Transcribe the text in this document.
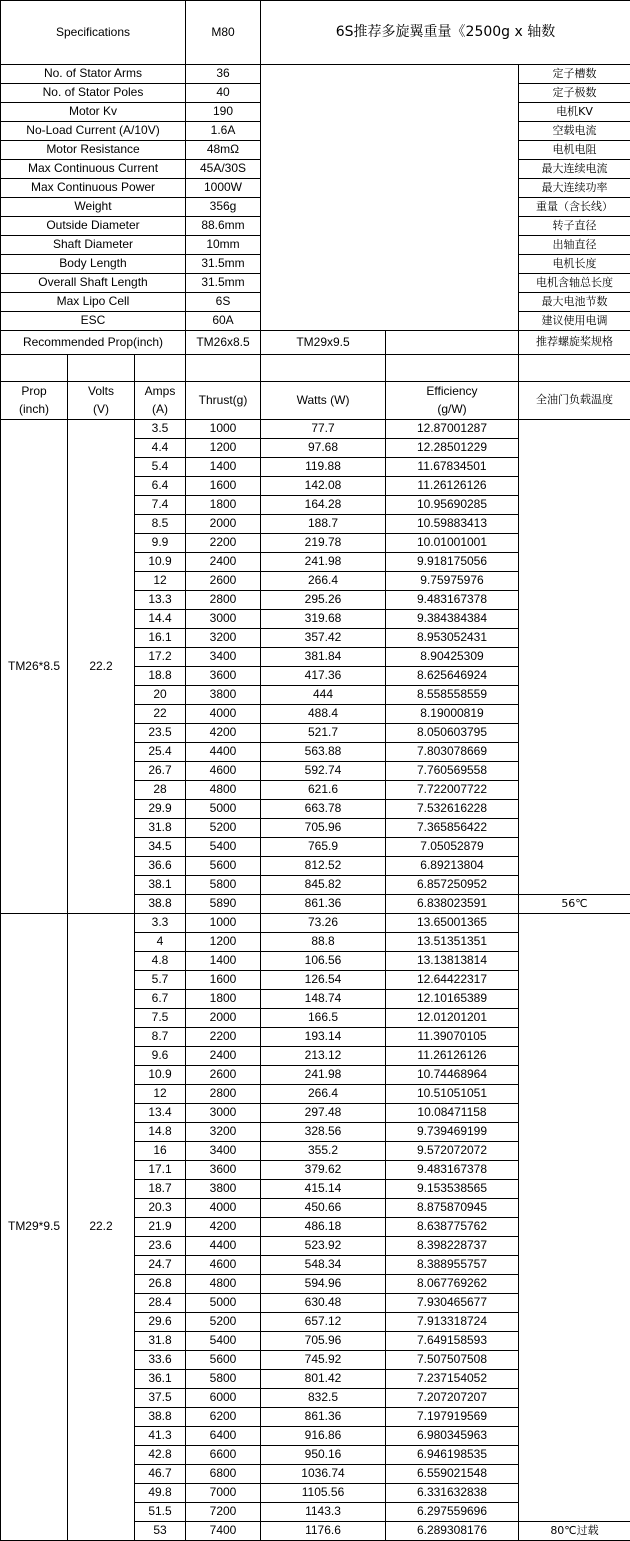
Specifications			M80	6S推荐多旋翼重量《2500g x 轴数		
No. of Stator Arms			36			定子槽数
No. of Stator Poles			40			定子极数
Motor Kv			190			电机KV
No-Load Current (A/10V)			1.6A			空载电流
Motor Resistance			48mΩ			电机电阻
Max Continuous Current			45A/30S			最大连续电流
Max Continuous Power			1000W			最大连续功率
Weight			356g			重量（含长线）
Outside Diameter			88.6mm			转子直径
Shaft Diameter			10mm			出轴直径
Body Length			31.5mm			电机长度
Overall Shaft Length			31.5mm			电机含轴总长度
Max Lipo Cell			6S			最大电池节数
ESC			60A			建议使用电调
Recommended Prop(inch)			TM26x8.5	TM29x9.5		推荐螺旋桨规格

Prop	Volts	Amps	Thrust(g)	Watts (W)	Efficiency	全油门负载温度
(inch)	(V)	(A)			(g/W)	
TM26*8.5	22.2	3.5	1000	77.7	12.87001287	
		4.4	1200	97.68	12.28501229	
		5.4	1400	119.88	11.67834501	
		6.4	1600	142.08	11.26126126	
		7.4	1800	164.28	10.95690285	
		8.5	2000	188.7	10.59883413	
		9.9	2200	219.78	10.01001001	
		10.9	2400	241.98	9.918175056	
		12	2600	266.4	9.75975976	
		13.3	2800	295.26	9.483167378	
		14.4	3000	319.68	9.384384384	
		16.1	3200	357.42	8.953052431	
		17.2	3400	381.84	8.90425309	
		18.8	3600	417.36	8.625646924	
		20	3800	444	8.558558559	
		22	4000	488.4	8.19000819	
		23.5	4200	521.7	8.050603795	
		25.4	4400	563.88	7.803078669	
		26.7	4600	592.74	7.760569558	
		28	4800	621.6	7.722007722	
		29.9	5000	663.78	7.532616228	
		31.8	5200	705.96	7.365856422	
		34.5	5400	765.9	7.05052879	
		36.6	5600	812.52	6.89213804	
		38.1	5800	845.82	6.857250952	
		38.8	5890	861.36	6.838023591	56℃
TM29*9.5	22.2	3.3	1000	73.26	13.65001365	
		4	1200	88.8	13.51351351	
		4.8	1400	106.56	13.13813814	
		5.7	1600	126.54	12.64422317	
		6.7	1800	148.74	12.10165389	
		7.5	2000	166.5	12.01201201	
		8.7	2200	193.14	11.39070105	
		9.6	2400	213.12	11.26126126	
		10.9	2600	241.98	10.74468964	
		12	2800	266.4	10.51051051	
		13.4	3000	297.48	10.08471158	
		14.8	3200	328.56	9.739469199	
		16	3400	355.2	9.572072072	
		17.1	3600	379.62	9.483167378	
		18.7	3800	415.14	9.153538565	
		20.3	4000	450.66	8.875870945	
		21.9	4200	486.18	8.638775762	
		23.6	4400	523.92	8.398228737	
		24.7	4600	548.34	8.388955757	
		26.8	4800	594.96	8.067769262	
		28.4	5000	630.48	7.930465677	
		29.6	5200	657.12	7.913318724	
		31.8	5400	705.96	7.649158593	
		33.6	5600	745.92	7.507507508	
		36.1	5800	801.42	7.237154052	
		37.5	6000	832.5	7.207207207	
		38.8	6200	861.36	7.197919569	
		41.3	6400	916.86	6.980345963	
		42.8	6600	950.16	6.946198535	
		46.7	6800	1036.74	6.559021548	
		49.8	7000	1105.56	6.331632838	
		51.5	7200	1143.3	6.297559696	
		53	7400	1176.6	6.289308176	80℃过载
